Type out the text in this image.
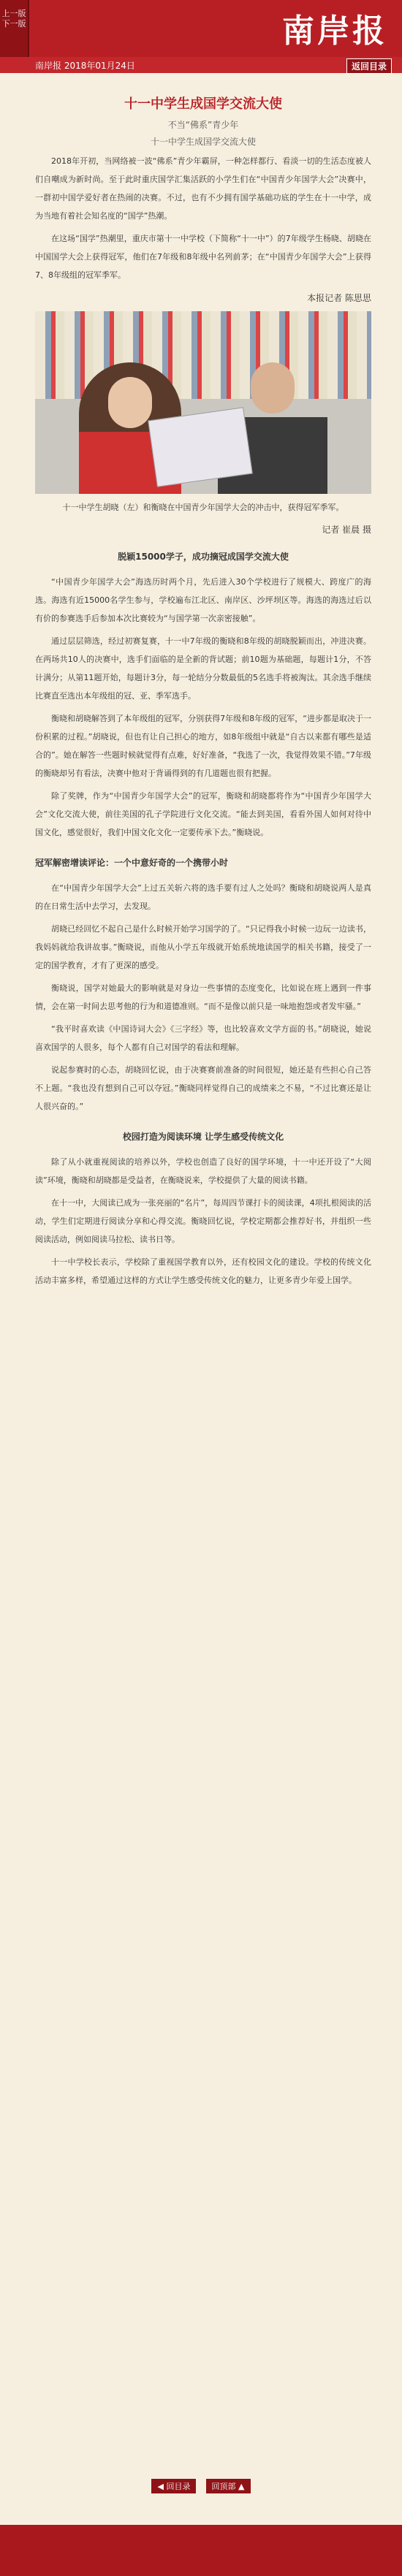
上一版 下一版	南岸报
南岸报 2018年01月24日	返回目录
十一中学生成国学交流大使
不当“佛系”青少年
十一中学生成国学交流大使

2018年开初，当网络被一波“佛系”青少年霸屏，一种怎样都行、看淡一切的生活态度被人们自嘲成为新时尚。至于此时重庆国学汇集活跃的小学生们在“中国青少年国学大会”决赛中，一群初中国学爱好者在热闹的决赛。不过，也有不少拥有国学基础功底的学生在十一中学，成为当地有着社会知名度的“国学”热潮。

在这场“国学”热潮里，重庆市第十一中学校（下简称“十一中”）的7年级学生杨晓、胡晓在中国国学大会上获得冠军，他们在7年级和8年级中名列前茅；在“中国青少年国学大会”上获得7、8年级组的冠军季军。

本报记者 陈思思
十一中学生胡晓（左）和衡晓在中国青少年国学大会的冲击中，获得冠军季军。
记者 崔晨 摄
脱颖15000学子，成功摘冠成国学交流大使

“中国青少年国学大会”海选历时两个月，先后进入30个学校进行了规模大、跨度广的海选。海选有近15000名学生参与，学校遍布江北区、南岸区、沙坪坝区等。海选的海选过后以有价的参赛选手后参加本次比赛较为“与国学第一次亲密接触”。

通过层层筛选，经过初赛复赛，十一中7年级的衡晓和8年级的胡晓脱颖而出，冲进决赛。在两场共10人的决赛中，选手们面临的是全新的背试题；前10题为基础题，每题计1分，不答计满分；从第11题开始，每题计3分，每一轮结分分数最低的5名选手将被淘汰。其余选手继续比赛直至选出本年级组的冠、亚、季军选手。

衡晓和胡晓解答到了本年级组的冠军，分别获得7年级和8年级的冠军，“进步都是取决于一份积累的过程。”胡晓说，但也有让自己担心的地方，如8年级组中就是“自古以来都有哪些是适合的”。她在解答一些题时候就觉得有点难，好好准备，“我选了一次，我觉得效果不错。”7年级的衡晓却另有看法，决赛中他对于背诵得到的有几道题也很有把握。

除了奖牌，作为“中国青少年国学大会”的冠军，衡晓和胡晓都将作为“中国青少年国学大会”文化交流大使，前往美国的孔子学院进行文化交流。“能去到美国，看看外国人如何对待中国文化，感觉很好，我们中国文化文化一定要传承下去。”衡晓说。

冠军解密增读评论：一个中意好奇的一个携带小时

在“中国青少年国学大会”上过五关斩六将的选手要有过人之处吗？衡晓和胡晓说两人是真的在日常生活中去学习，去发现。

胡晓已经回忆不起自己是什么时候开始学习国学的了。“只记得我小时候一边玩一边读书，我妈妈就给我讲故事。”衡晓说，而他从小学五年级就开始系统地读国学的相关书籍，接受了一定的国学教育，才有了更深的感受。

衡晓说，国学对她最大的影响就是对身边一些事情的态度变化，比如说在班上遇到一件事情，会在第一时间去思考他的行为和道德准则。“而不是像以前只是一味地抱怨或者发牢骚。”

“我平时喜欢读《中国诗词大会》《三字经》等，也比较喜欢文学方面的书。”胡晓说，她说喜欢国学的人很多，每个人都有自己对国学的看法和理解。

说起参赛时的心态，胡晓回忆说，由于决赛赛前准备的时间很短，她还是有些担心自己答不上题。“我也没有想到自己可以夺冠。”衡晓同样觉得自己的成绩来之不易，“不过比赛还是让人很兴奋的。”

校园打造为阅读环境 让学生感受传统文化

除了从小就重视阅读的培养以外，学校也创造了良好的国学环境，十一中还开设了“大阅读”环境，衡晓和胡晓都是受益者，在衡晓说来，学校提供了大量的阅读书籍。

在十一中，大阅读已成为一张亮丽的“名片”，每周四节课打卡的阅读课，4项扎根阅读的活动，学生们定期进行阅读分享和心得交流。衡晓回忆说，学校定期都会推荐好书，并组织一些阅读活动，例如阅读马拉松、读书日等。

十一中学校长表示，学校除了重视国学教育以外，还有校园文化的建设。学校的传统文化活动丰富多样，希望通过这样的方式让学生感受传统文化的魅力，让更多青少年爱上国学。

◀ 回目录	回顶部 ▲
